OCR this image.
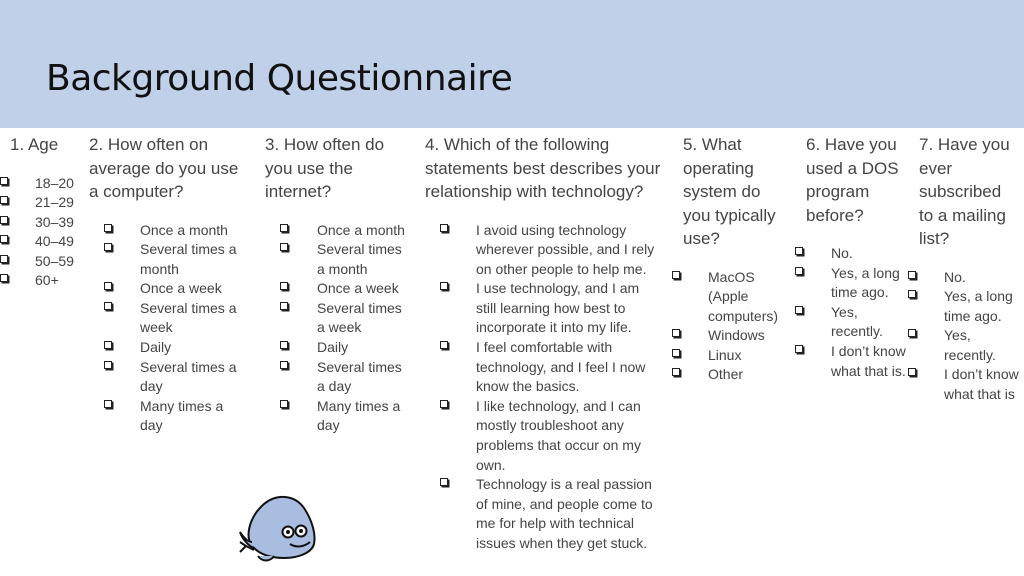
Background Questionnaire

1. Age

18–20
21–29
30–39
40–49
50–59
60+

2. How often on average do you use a computer?

Once a month
Several times a month
Once a week
Several times a week
Daily
Several times a day
Many times a day

3. How often do you use the internet?

Once a month
Several times a month
Once a week
Several times a week
Daily
Several times a day
Many times a day

4. Which of the following statements best describes your relationship with technology?

I avoid using technology wherever possible, and I rely on other people to help me.
I use technology, and I am still learning how best to incorporate it into my life.
I feel comfortable with technology, and I feel I now know the basics.
I like technology, and I can mostly troubleshoot any problems that occur on my own.
Technology is a real passion of mine, and people come to me for help with technical issues when they get stuck.

5. What operating system do you typically use?

MacOS (Apple computers)
Windows
Linux
Other

6. Have you used a DOS program before?

No.
Yes, a long time ago.
Yes, recently.
I don’t know what that is.

7. Have you ever subscribed to a mailing list?

No.
Yes, a long time ago.
Yes, recently.
I don’t know what that is
